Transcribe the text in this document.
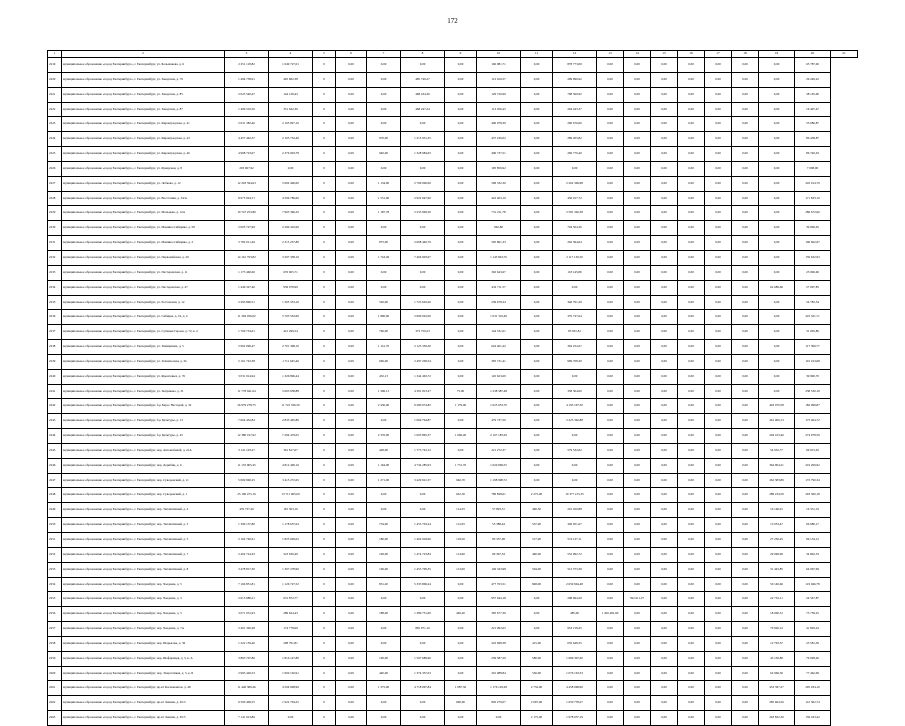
172
1	2	3	4	5	6	7	8	9	10	11	12	13	14	15	16	17	18	19	20	21
2219	муниципальное образование «город Екатеринбург», г. Екатеринбург, ул. Большакова, д. 6	2 251 118,82	1 049 727,01	0	0,00	0,00	0,00	0,00	160 981,71	0,00	878 773,09	0,00	0,00	0,00	0,00	0,00	0,00	0,00	63 787,06	
2220	муниципальное образование «город Екатеринбург», г. Екатеринбург, ул. Заводская, д. 79	1 494 738,91	465 962,38	0	0,00	0,00	485 740,27	0,00	112 160,27	0,00	299 996,92	0,00	0,00	0,00	0,00	0,00	0,00	0,00	29 249,22	
2221	муниципальное образование «город Екатеринбург», г. Екатеринбург, ул. Заводская, д. 85	2 025 540,47	144 128,43	0	0,00	0,00	468 434,36	0,00	129 726,99	0,00	798 560,92	0,00	0,00	0,00	0,00	0,00	0,00	0,00	38 165,60	
2222	муниципальное образование «город Екатеринбург», г. Екатеринбург, ул. Заводская, д. 87	1 499 519,50	351 942,39	0	0,00	0,00	468 247,24	0,00	113 456,43	0,00	204 443,37	0,00	0,00	0,00	0,00	0,00	0,00	0,00	19 497,47	
2223	муниципальное образование «город Екатеринбург», г. Екатеринбург, ул. Кировградская, д. 41	2 631 382,46	2 165 827,16	0	0,00	0,00	0,00	0,00	406 078,39	0,00	296 676,60	0,00	0,00	0,00	0,00	0,00	0,00	0,00	53 086,87	
2224	муниципальное образование «город Екатеринбург», г. Екатеринбург, ул. Кировградская, д. 43	4 457 462,37	2 105 732,40	0	0,00	970,00	1 215 931,35	0,00	437 236,02	0,00	289 205,82	0,00	0,00	0,00	0,00	0,00	0,00	0,00	86 438,87	
2225	муниципальное образование «город Екатеринбург», г. Екатеринбург, ул. Кировградская, д. 46	4 998 723,07	2 376 003,78	0	0,00	940,00	1 328 984,65	0,00	406 737,51	0,00	269 770,40	0,00	0,00	0,00	0,00	0,00	0,00	0,00	86 740,63	
2226	муниципальное образование «город Екатеринбург», г. Екатеринбург, ул. Кунарская, д. 8	203 067,92	0,00	0	0,00	0,00	0,00	0,00	195 859,92	0,00	0,00	0,00	0,00	0,00	0,00	0,00	0,00	0,00	7 008,00	
2227	муниципальное образование «город Екатеринбург», г. Екатеринбург, ул. Лобкова, д. 12	12 293 594,63	5 692 400,00	0	0,00	1 134,90	2 790 000,00	0,00	599 332,36	0,00	2 262 369,98	0,00	0,00	0,00	0,00	0,00	0,00	0,00	245 014,79	
2228	муниципальное образование «город Екатеринбург», г. Екатеринбург, ул. Восстания, д. 34/А	8 975 924,71	4 596 786,60	0	0,00	1 551,00	2 922 047,90	0,00	422 403,10	0,00	456 017,72	0,00	0,00	0,00	0,00	0,00	0,00	0,00	171 833,10	
2229	муниципальное образование «город Екатеринбург», г. Екатеринбург, ул. Мальцева, д. 12А	10 747 253,86	7 903 396,32	0	0,00	1 187,78	2 235 999,30	0,00	731 211,78	0,00	2 581 326,38	0,00	0,00	0,00	0,00	0,00	0,00	0,00	286 672,66	
2230	муниципальное образование «город Екатеринбург», г. Екатеринбург, ул. Мамина-Сибиряка, д. 58	2 005 727,99	2 290 416,90	0	0,00	0,00	0,00	0,00	962,80	0,00	704 504,36	0,00	0,00	0,00	0,00	0,00	0,00	0,00	39 996,65	
2231	муниципальное образование «город Екатеринбург», г. Екатеринбург, ул. Мамина-Сибиряка, д. 2	5 782 011,49	2 315 257,80	0	0,00	875,00	2 068 440,79	0,00	595 861,33	0,00	262 394,64	0,00	0,00	0,00	0,00	0,00	0,00	0,00	106 662,97	
2232	муниципальное образование «город Екатеринбург», г. Екатеринбург, ул. Первомайская, д. 29	14 161 793,82	3 297 338,10	0	0,00	1 743,49	7 466 903,97	0,00	1 143 843,76	0,00	2 117 136,50	0,00	0,00	0,00	0,00	0,00	0,00	0,00	159 632,93	
2233	муниципальное образование «город Екатеринбург», г. Екатеринбург, ул. Пестеревская, д. 11	1 173 460,60	676 605,71	0	0,00	0,00	0,00	0,00	302 643,67	0,00	118 145,89	0,00	0,00	0,00	0,00	0,00	0,00	0,00	23 096,60	
2234	муниципальное образование «город Екатеринбург», г. Екатеринбург, ул. Пестеревская, д. 47	1 446 327,46	959 078,99	0	0,00	0,00	0,00	0,00	432 711,57	0,00	0,00	0,00	0,00	0,00	0,00	0,00	0,00	62 689,66	27 097,85	
2235	муниципальное образование «город Екатеринбург», г. Екатеринбург, ул. Ростовская, д. 12	2 293 860,51	1 305 353,10	0	0,00	526,00	1 723 663,26	0,00	239 678,24	0,00	346 791,29	0,00	0,00	0,00	0,00	0,00	0,00	0,00	54 782,34	
2236	муниципальное образование «город Екатеринбург», г. Екатеринбург, ул. Сибирка, д. 19, д. 4	11 394 036,02	5 703 563,60	0	0,00	1 890,00	2 990 022,00	0,00	1 031 310,40	0,00	376 747,64	0,00	0,00	0,00	0,00	0,00	0,00	0,00	222 321,71	
2237	муниципальное образование «город Екатеринбург», г. Екатеринбург, ул. Сутиных Героев, д. 72, к. 2	1 700 754,01	421 299,54	0	0,00	766,00	372 750,23	0,00	144 331,61	0,00	85 001,81	0,00	0,00	0,00	0,00	0,00	0,00	0,00	31 005,86	
2238	муниципальное образование «город Екатеринбург», г. Екатеринбург, ул. Тимирязева, д. 5	5 992 090,47	2 701 368,10	0	0,00	1 141,70	2 123 359,30	0,00	624 401,42	0,00	304 252,67	0,00	0,00	0,00	0,00	0,00	0,00	0,00	117 390,77	
2239	муниципальное образование «город Екатеринбург», г. Екатеринбург, ул. Техническая, д. 34	5 161 743,38	1 711 645,46	0	0,00	660,00	2 497 209,54	0,00	395 731,41	0,00	999 708,30	0,00	0,00	0,00	0,00	0,00	0,00	0,00	101 163,68	
2240	муниципальное образование «город Екатеринбург», г. Екатеринбург, ул. Фронтовых, д. 76	3 031 914,94	1 326 896,44	0	0,00	432,13	1 344 463,72	0,00	145 623,69	0,00	0,00	0,00	0,00	0,00	0,00	0,00	0,00	0,00	39 990,70	
2241	муниципальное образование «город Екатеринбург», г. Екатеринбург, ул. Хохрякова, д. 31	11 778 041,64	5 603 938,88	0	0,00	1 396,13	4 391 813,27	75,00	1 238 387,48	0,00	358 304,00	0,00	0,00	0,00	0,00	0,00	0,00	0,00	238 536,19	
2242	муниципальное образование «город Екатеринбург», г. Екатеринбург, б-р Барос Нестерей, д. 32	26 979 278,75	11 722 336,50	0	0,00	2 430,00	9 280 974,82	1 179,00	1 625 053,70	0,00	4 193 197,50	0,00	0,00	0,00	0,00	0,00	0,00	403 070,58	182 999,87	
2243	муниципальное образование «город Екатеринбург», г. Екатеринбург, б-р Культуры, д. 13	7 664 432,84	2 835 465,86	0	0,00	0,00	1 069 794,87	0,00	479 737,56	0,00	2 225 362,88	0,00	0,00	0,00	0,00	0,00	0,00	261 406,13	175 494,72	
2244	муниципальное образование «город Екатеринбург», г. Екатеринбург, б-р Культуры, д. 45	12 380 197,62	7 294 479,05	0	0,00	2 370,00	1 603 895,37	1 066,40	2 107 183,29	0,00	0,00	0,00	0,00	0,00	0,00	0,00	0,00	204 163,46	274 978,59	
2245	муниципальное образование «город Екатеринбург», г. Екатеринбург, пер. Автомобилей, д. 21А	3 141 103,27	361 817,67	0	0,00	428,00	1 773 743,12	0,00	221 272,37	0,00	579 532,02	0,00	0,00	0,00	0,00	0,00	0,00	54 952,77	69 915,02	
2246	муниципальное образование «город Екатеринбург», г. Екатеринбург, пер. Дорибиц, д. 6	11 155 965,45	4 812 400,16	0	0,00	1 164,00	4 734 285,93	1 731,70	1 620 969,55	0,00	0,00	0,00	0,00	0,00	0,00	0,00	0,00	364 904,21	219 269,92	
2247	муниципальное образование «город Екатеринбург», г. Екатеринбург, пер. Суворовский, д. 11	5 069 990,25	3 415 272,65	0	0,00	1 271,00	3 429 921,57	946,70	1 198 998,72	0,00	0,00	0,00	0,00	0,00	0,00	0,00	0,00	262 383,89	172 790,34	
2248	муниципальное образование «город Екатеринбург», г. Екатеринбург, пер. Суворовский, д. 1	25 190 475,16	13 711 065,00	0	0,00	0,00	0,00	622,30	780 828,61	2 275,00	10 377 215,35	0,00	0,00	0,00	0,00	0,00	0,00	289 234,59	293 360,18	
2249	муниципальное образование «город Екатеринбург», г. Екатеринбург, пер. Теплиличный, д. 4	476 737,26	181 303,16	0	0,00	0,00	0,00	114,35	57 893,51	490,50	210 450,88	0,00	0,00	0,00	0,00	0,00	0,00	16 160,91	10 331,19	
2250	муниципальное образование «город Екатеринбург», г. Екатеринбург, пер. Теплиличный, д. 3	1 399 137,80	1 178 637,04	0	0,00	734,00	1 455 703,24	112,65	55 388,44	537,00	349 951,67	0,00	0,00	0,00	0,00	0,00	0,00	13 053,47	66 080,17	
2251	муниципальное образование «город Екатеринбург», г. Екатеринбург, пер. Теплиличный, д. 5	2 162 740,61	1 823 009,02	0	0,00	186,00	1 402 918,06	118,50	83 357,28	517,00	574 127,11	0,00	0,00	0,00	0,00	0,00	0,00	27 256,45	69 134,12	
2252	муниципальное образование «город Екатеринбург», г. Екатеринбург, пер. Теплиличный, д. 7	2 402 724,43	523 636,49	0	0,00	199,00	1 474 723,84	114,90	99 397,34	490,00	552 992,72	0,00	0,00	0,00	0,00	0,00	0,00	29 048,99	34 892,33	
2253	муниципальное образование «город Екатеринбург», г. Екатеринбург, пер. Теплиличный, д. 8	3 478 817,30	1 307 278,90	0	0,00	160,00	1 453 799,35	113,00	149 343,98	504,00	512 373,39	0,00	0,00	0,00	0,00	0,00	0,00	31 443,85	64 067,99	
2254	муниципальное образование «город Екатеринбург», г. Екатеринбург, пер. Чаадаева, д. 5	7 166 851,81	1 126 727,52	0	0,00	831,20	5 333 869,24	0,00	477 763,51	848,00	2 659 964,48	0,00	0,00	0,00	0,00	0,00	0,00	50 149,66	119 946,78	
2255	муниципальное образование «город Екатеринбург», г. Екатеринбург, пер. Чаадаева, д. 3	2 613 986,21	631 872,77	0	0,00	0,00	0,00	0,00	957 044,18	0,00	298 694,29	0,00	592 611,27	0,00	0,00	0,00	0,00	22 752,11	24 547,87	
2256	муниципальное образование «город Екатеринбург», г. Екатеринбург, пер. Чаадаева, д. 5	3 071 031,93	289 624,43	0	0,00	188,00	1 389 751,00	449,20	395 677,39	0,00	485,00	1 456 481,90	0,00	0,00	0,00	0,00	0,00	18 000,31	73 759,25	
2257	муниципальное образование «город Екатеринбург», г. Екатеринбург, пер. Чаадаева, д. 7А	2 401 326,28	174 778,69	0	0,00	0,00	865 971,16	0,00	221 092,65	0,00	953 158,45	0,00	0,00	0,00	0,00	0,00	0,00	79 920,12	41 829,24	
2258	муниципальное образование «город Екатеринбург», г. Екатеринбург, пер. Шарыгова, д. 36	1 222 139,40	208 791,81	0	0,00	0,00	0,00	0,00	222 698,38	415,00	635 648,35	0,00	0,00	0,00	0,00	0,00	0,00	12 793,37	23 581,39	
2259	муниципальное образование «город Екатеринбург», г. Екатеринбург, пер. Шефцовцев, д. 5, к. А	3 863 707,86	1 816 147,80	0	0,00	100,00	1 597 689,90	0,00	239 587,20	580,00	1 686 307,60	0,00	0,00	0,00	0,00	0,00	0,00	43 139,80	79 028,26	
2260	муниципальное образование «город Екатеринбург», г. Екатеринбург, пер. Энергетиков, д. 5, к. Б	2 993 426,53	1 900 102,91	0	0,00	440,00	1 374 337,03	0,00	291 088,84	556,00	1 076 163,33	0,00	0,00	0,00	0,00	0,00	0,00	62 966,36	77 462,09	
2261	муниципальное образование «город Екатеринбург», г. Екатеринбург, пр-кт Космонавтов, д. 48	11 446 389,46	4 504 998,99	0	0,00	1 375,00	4 718 097,84	1 087,50	1 176 129,28	2 732,00	4 458 068,90	0,00	0,00	0,00	0,00	0,00	0,00	453 397,27	295 034,10	
2262	муниципальное образование «город Екатеринбург», г. Екатеринбург, пр-кт Ленина, д. 65/3	9 500 409,55	1 922 704,25	0	0,00	0,00	0,00	690,00	826 279,07	2 097,00	1 650 778,27	0,00	0,00	0,00	0,00	0,00	0,00	285 664,56	141 362,74	
2263	муниципальное образование «город Екатеринбург», г. Екатеринбург, пр-кт Ленина, д. 65/5	7 141 913,86	0,00	0	0,00	0,00	0,00	0,00	0,00	2 175,00	1 978 657,19	0,00	0,00	0,00	0,00	0,00	0,00	263 822,36	159 433,42	
